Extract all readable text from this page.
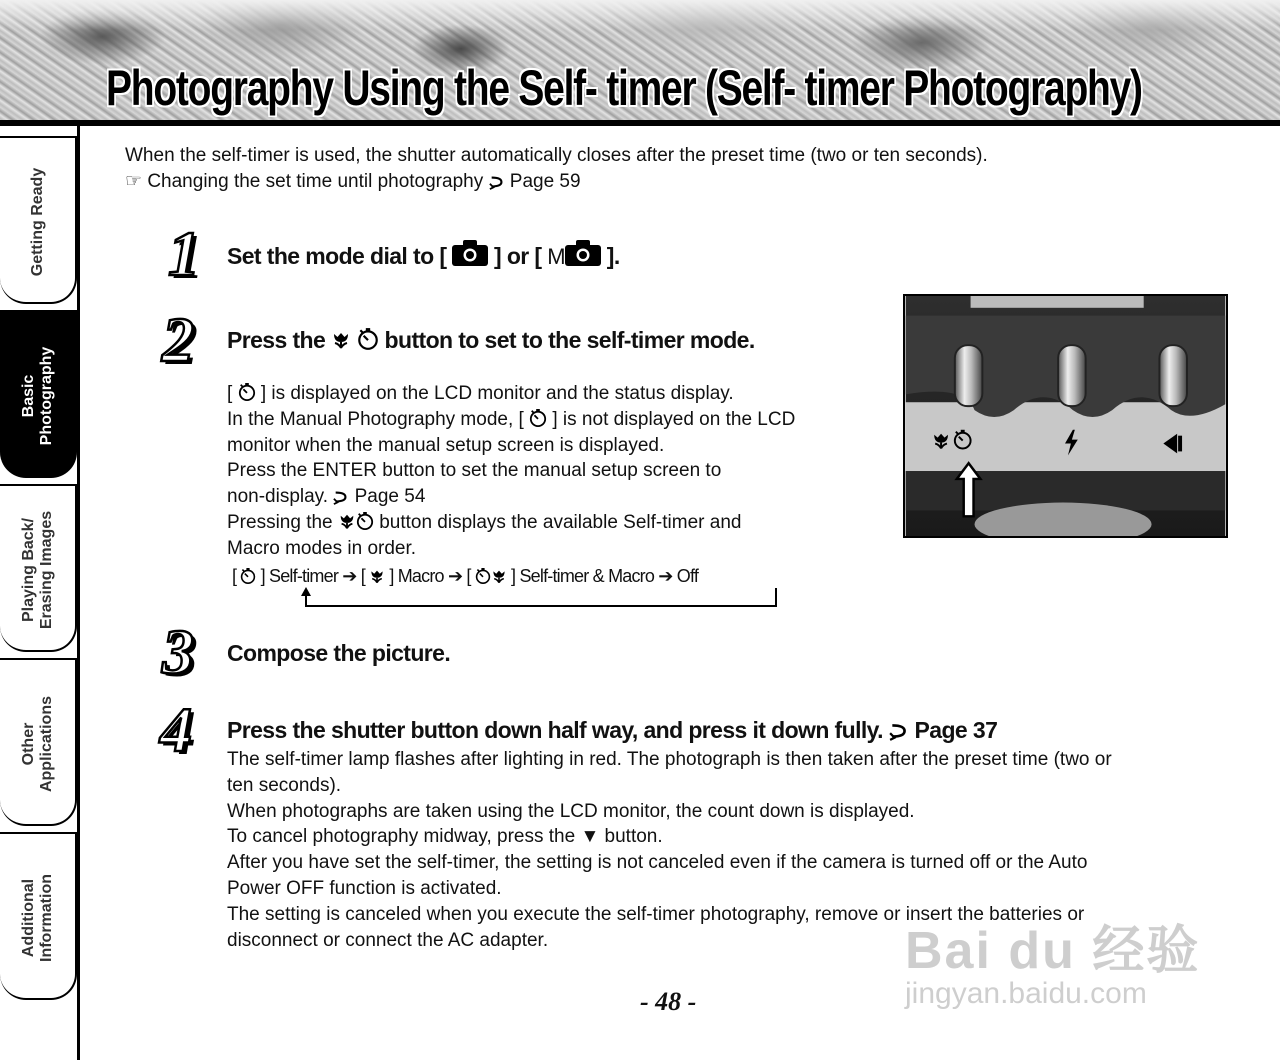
Photography Using the Self- timer (Self- timer Photography)
Getting Ready
Basic
Photography
Playing Back/
Erasing Images
Other
Applications
Additional
Information
When the self-timer is used, the shutter automatically closes after the preset time (two or ten seconds).
☞ Changing the set time until photography Page 59
1 Set the mode dial to [ ] or [ M ].
2 Press the	button to set to the self-timer mode.
[  ] is displayed on the LCD monitor and the status display.
In the Manual Photography mode, [ ] is not displayed on the LCD
monitor when the manual setup screen is displayed.
Press the ENTER button to set the manual setup screen to
non-display. Page 54
Pressing the button displays the available Self-timer and
Macro modes in order.
[  ] Self-timer ➔ [  ] Macro ➔ [  ] Self-timer & Macro ➔ Off
3 Compose the picture.
4 Press the shutter button down half way, and press it down fully. Page 37
The self-timer lamp flashes after lighting in red. The photograph is then taken after the preset time (two or
ten seconds).
When photographs are taken using the LCD monitor, the count down is displayed.
To cancel photography midway, press the ▼ button.
After you have set the self-timer, the setting is not canceled even if the camera is turned off or the Auto
Power OFF function is activated.
The setting is canceled when you execute the self-timer photography, remove or insert the batteries or
disconnect or connect the AC adapter.
- 48 -
Bai du 经验
jingyan.baidu.com
